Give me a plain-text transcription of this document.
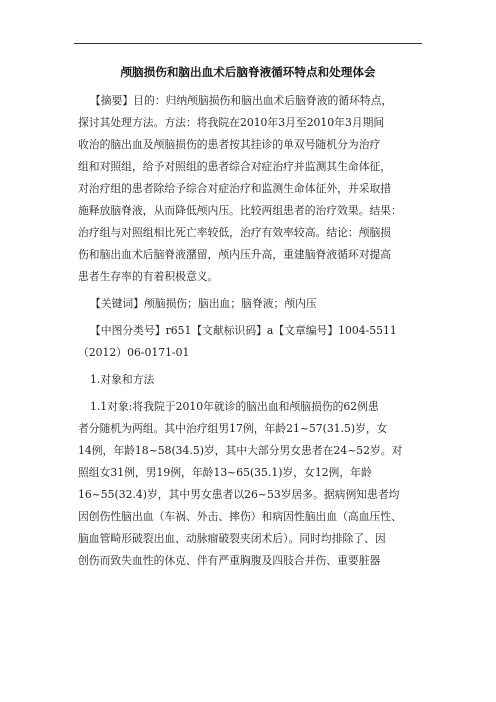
颅脑损伤和脑出血术后脑脊液循环特点和处理体会

【摘要】目的：归纳颅脑损伤和脑出血术后脑脊液的循环特点，
探讨其处理方法。方法：将我院在2010年3月至2010年3月期间
收治的脑出血及颅脑损伤的患者按其挂诊的单双号随机分为治疗
组和对照组，给予对照组的患者综合对症治疗并监测其生命体征，
对治疗组的患者除给予综合对症治疗和监测生命体征外，并采取措
施释放脑脊液，从而降低颅内压。比较两组患者的治疗效果。结果：
治疗组与对照组相比死亡率较低，治疗有效率较高。结论：颅脑损
伤和脑出血术后脑脊液潴留，颅内压升高，重建脑脊液循环对提高
患者生存率的有着积极意义。

【关键词】颅脑损伤；脑出血；脑脊液；颅内压

【中图分类号】r651【文献标识码】a【文章编号】1004-5511
（2012）06-0171-01

1.对象和方法

1.1对象:将我院于2010年就诊的脑出血和颅脑损伤的62例患
者分随机为两组。其中治疗组男17例，年龄21~57(31.5)岁，女
14例，年龄18~58(34.5)岁，其中大部分男女患者在24~52岁。对
照组女31例，男19例，年龄13~65(35.1)岁，女12例，年龄
16~55(32.4)岁，其中男女患者以26~53岁居多。据病例知患者均
因创伤性脑出血（车祸、外击、摔伤）和病因性脑出血（高血压性、
脑血管畸形破裂出血、动脉瘤破裂夹闭术后）。同时均排除了、因
创伤而致失血性的休克、伴有严重胸腹及四肢合并伤、重要脏器
